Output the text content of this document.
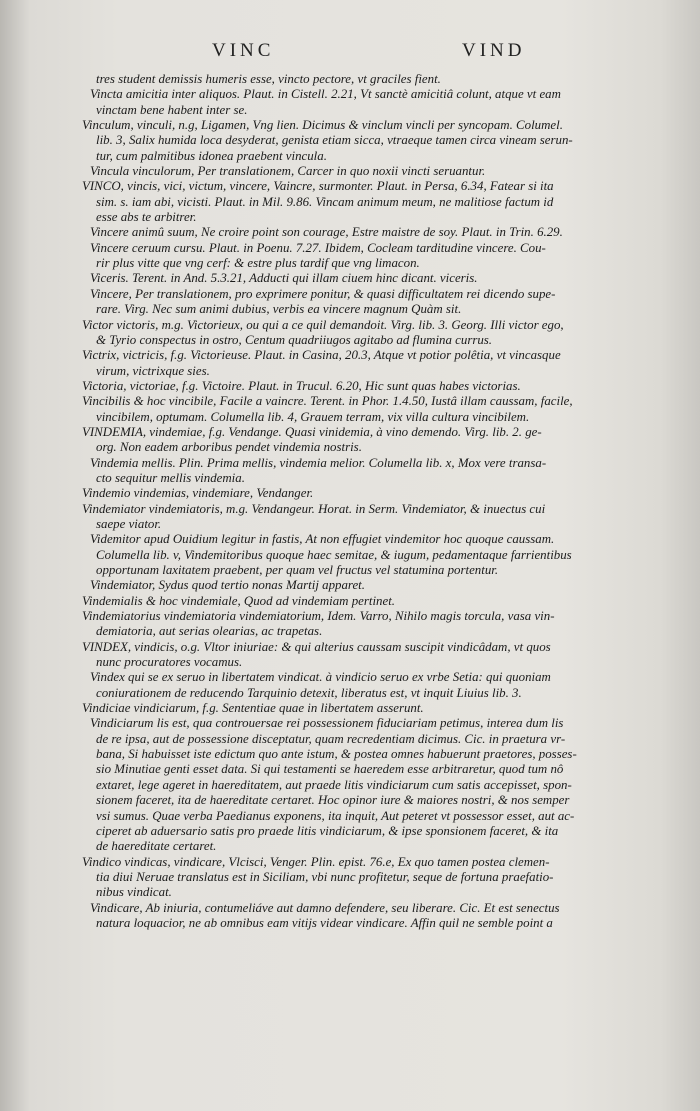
VINC	VIND
tres student demissis humeris esse, vincto pectore, vt graciles fient.
Vincta amicitia inter aliquos. Plaut. in Cistell. 2.21, Vt sanctè amicitiâ colunt, atque vt eam
vinctam bene habent inter se.
Vinculum, vinculi, n.g, Ligamen, Vng lien. Dicimus & vinclum vincli per syncopam. Columel.
lib. 3, Salix humida loca desyderat, genista etiam sicca, vtraeque tamen circa vineam serun-
tur, cum palmitibus idonea praebent vincula.
Vincula vinculorum, Per translationem, Carcer in quo noxii vincti seruantur.
VINCO, vincis, vici, victum, vincere, Vaincre, surmonter. Plaut. in Persa, 6.34, Fatear si ita
sim. s. iam abi, vicisti. Plaut. in Mil. 9.86. Vincam animum meum, ne malitiose factum id
esse abs te arbitrer.
Vincere animû suum, Ne croire point son courage, Estre maistre de soy. Plaut. in Trin. 6.29.
Vincere ceruum cursu. Plaut. in Poenu. 7.27. Ibidem, Cocleam tarditudine vincere. Cou-
rir plus vitte que vng cerf: & estre plus tardif que vng limacon.
Viceris. Terent. in And. 5.3.21, Adducti qui illam ciuem hinc dicant. viceris.
Vincere, Per translationem, pro exprimere ponitur, & quasi difficultatem rei dicendo supe-
rare. Virg. Nec sum animi dubius, verbis ea vincere magnum Quàm sit.
Victor victoris, m.g. Victorieux, ou qui a ce quil demandoit. Virg. lib. 3. Georg. Illi victor ego,
& Tyrio conspectus in ostro, Centum quadriiugos agitabo ad flumina currus.
Victrix, victricis, f.g. Victorieuse. Plaut. in Casina, 20.3, Atque vt potior polêtia, vt vincasque
virum, victrixque sies.
Victoria, victoriae, f.g. Victoire. Plaut. in Trucul. 6.20, Hic sunt quas habes victorias.
Vincibilis & hoc vincibile, Facile a vaincre. Terent. in Phor. 1.4.50, Iustâ illam caussam, facile,
vincibilem, optumam. Columella lib. 4, Grauem terram, vix villa cultura vincibilem.
VINDEMIA, vindemiae, f.g. Vendange. Quasi vinidemia, à vino demendo. Virg. lib. 2. ge-
org. Non eadem arboribus pendet vindemia nostris.
Vindemia mellis. Plin. Prima mellis, vindemia melior. Columella lib. x, Mox vere transa-
cto sequitur mellis vindemia.
Vindemio vindemias, vindemiare, Vendanger.
Vindemiator vindemiatoris, m.g. Vendangeur. Horat. in Serm. Vindemiator, & inuectus cui
saepe viator.
Videmitor apud Ouidium legitur in fastis, At non effugiet vindemitor hoc quoque caussam.
Columella lib. v, Vindemitoribus quoque haec semitae, & iugum, pedamentaque farrientibus
opportunam laxitatem praebent, per quam vel fructus vel statumina portentur.
Vindemiator, Sydus quod tertio nonas Martij apparet.
Vindemialis & hoc vindemiale, Quod ad vindemiam pertinet.
Vindemiatorius vindemiatoria vindemiatorium, Idem. Varro, Nihilo magis torcula, vasa vin-
demiatoria, aut serias olearias, ac trapetas.
VINDEX, vindicis, o.g. Vltor iniuriae: & qui alterius caussam suscipit vindicâdam, vt quos
nunc procuratores vocamus.
Vindex qui se ex seruo in libertatem vindicat. à vindicio seruo ex vrbe Setia: qui quoniam
coniurationem de reducendo Tarquinio detexit, liberatus est, vt inquit Liuius lib. 3.
Vindiciae vindiciarum, f.g. Sententiae quae in libertatem asserunt.
Vindiciarum lis est, qua controuersae rei possessionem fiduciariam petimus, interea dum lis
de re ipsa, aut de possessione disceptatur, quam recredentiam dicimus. Cic. in praetura vr-
bana, Si habuisset iste edictum quo ante istum, & postea omnes habuerunt praetores, posses-
sio Minutiae genti esset data. Si qui testamenti se haeredem esse arbitraretur, quod tum nô
extaret, lege ageret in haereditatem, aut praede litis vindiciarum cum satis accepisset, spon-
sionem faceret, ita de haereditate certaret. Hoc opinor iure & maiores nostri, & nos semper
vsi sumus. Quae verba Paedianus exponens, ita inquit, Aut peteret vt possessor esset, aut ac-
ciperet ab aduersario satis pro praede litis vindiciarum, & ipse sponsionem faceret, & ita
de haereditate certaret.
Vindico vindicas, vindicare, Vlcisci, Venger. Plin. epist. 76.e, Ex quo tamen postea clemen-
tia diui Neruae translatus est in Siciliam, vbi nunc profitetur, seque de fortuna praefatio-
nibus vindicat.
Vindicare, Ab iniuria, contumeliáve aut damno defendere, seu liberare. Cic. Et est senectus
natura loquacior, ne ab omnibus eam vitijs videar vindicare. Affin quil ne semble point a
